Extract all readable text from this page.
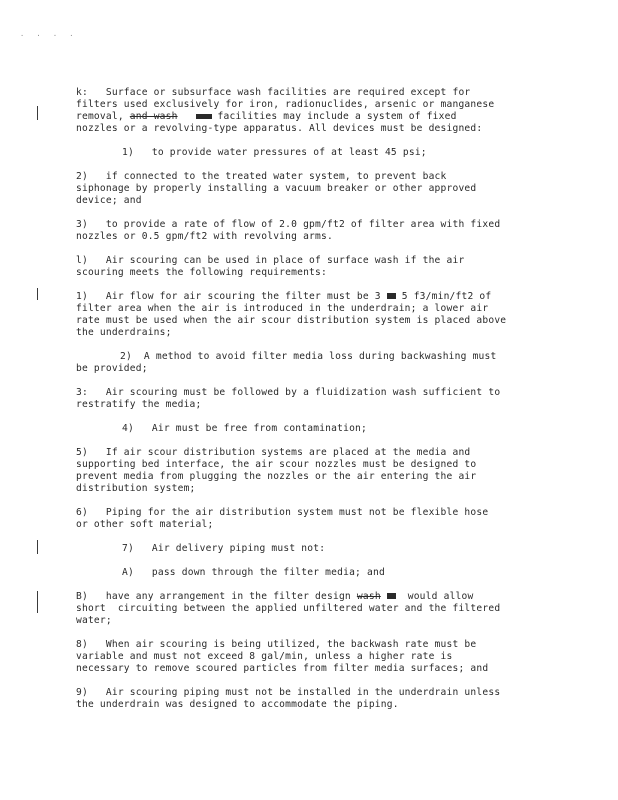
· · · ·
k:   Surface or subsurface wash facilities are required except for
filters used exclusively for iron, radionuclides, arsenic or manganese
removal, and wash	facilities may include a system of fixed
nozzles or a revolving-type apparatus. All devices must be designed:
1)   to provide water pressures of at least 45 psi;
2)   if connected to the treated water system, to prevent back
siphonage by properly installing a vacuum breaker or other approved
device; and
3)   to provide a rate of flow of 2.0 gpm/ft2 of filter area with fixed
nozzles or 0.5 gpm/ft2 with revolving arms.
l)   Air scouring can be used in place of surface wash if the air
scouring meets the following requirements:
1)   Air flow for air scouring the filter must be 3 5 f3/min/ft2 of
filter area when the air is introduced in the underdrain; a lower air
rate must be used when the air scour distribution system is placed above
the underdrains;
2)  A method to avoid filter media loss during backwashing must
be provided;
3:   Air scouring must be followed by a fluidization wash sufficient to
restratify the media;
4)   Air must be free from contamination;
5)   If air scour distribution systems are placed at the media and
supporting bed interface, the air scour nozzles must be designed to
prevent media from plugging the nozzles or the air entering the air
distribution system;
6)   Piping for the air distribution system must not be flexible hose
or other soft material;
7)   Air delivery piping must not:
A)   pass down through the filter media; and
B)   have any arrangement in the filter design wash	would allow
short  circuiting between the applied unfiltered water and the filtered
water;
8)   When air scouring is being utilized, the backwash rate must be
variable and must not exceed 8 gal/min, unless a higher rate is
necessary to remove scoured particles from filter media surfaces; and
9)   Air scouring piping must not be installed in the underdrain unless
the underdrain was designed to accommodate the piping.
